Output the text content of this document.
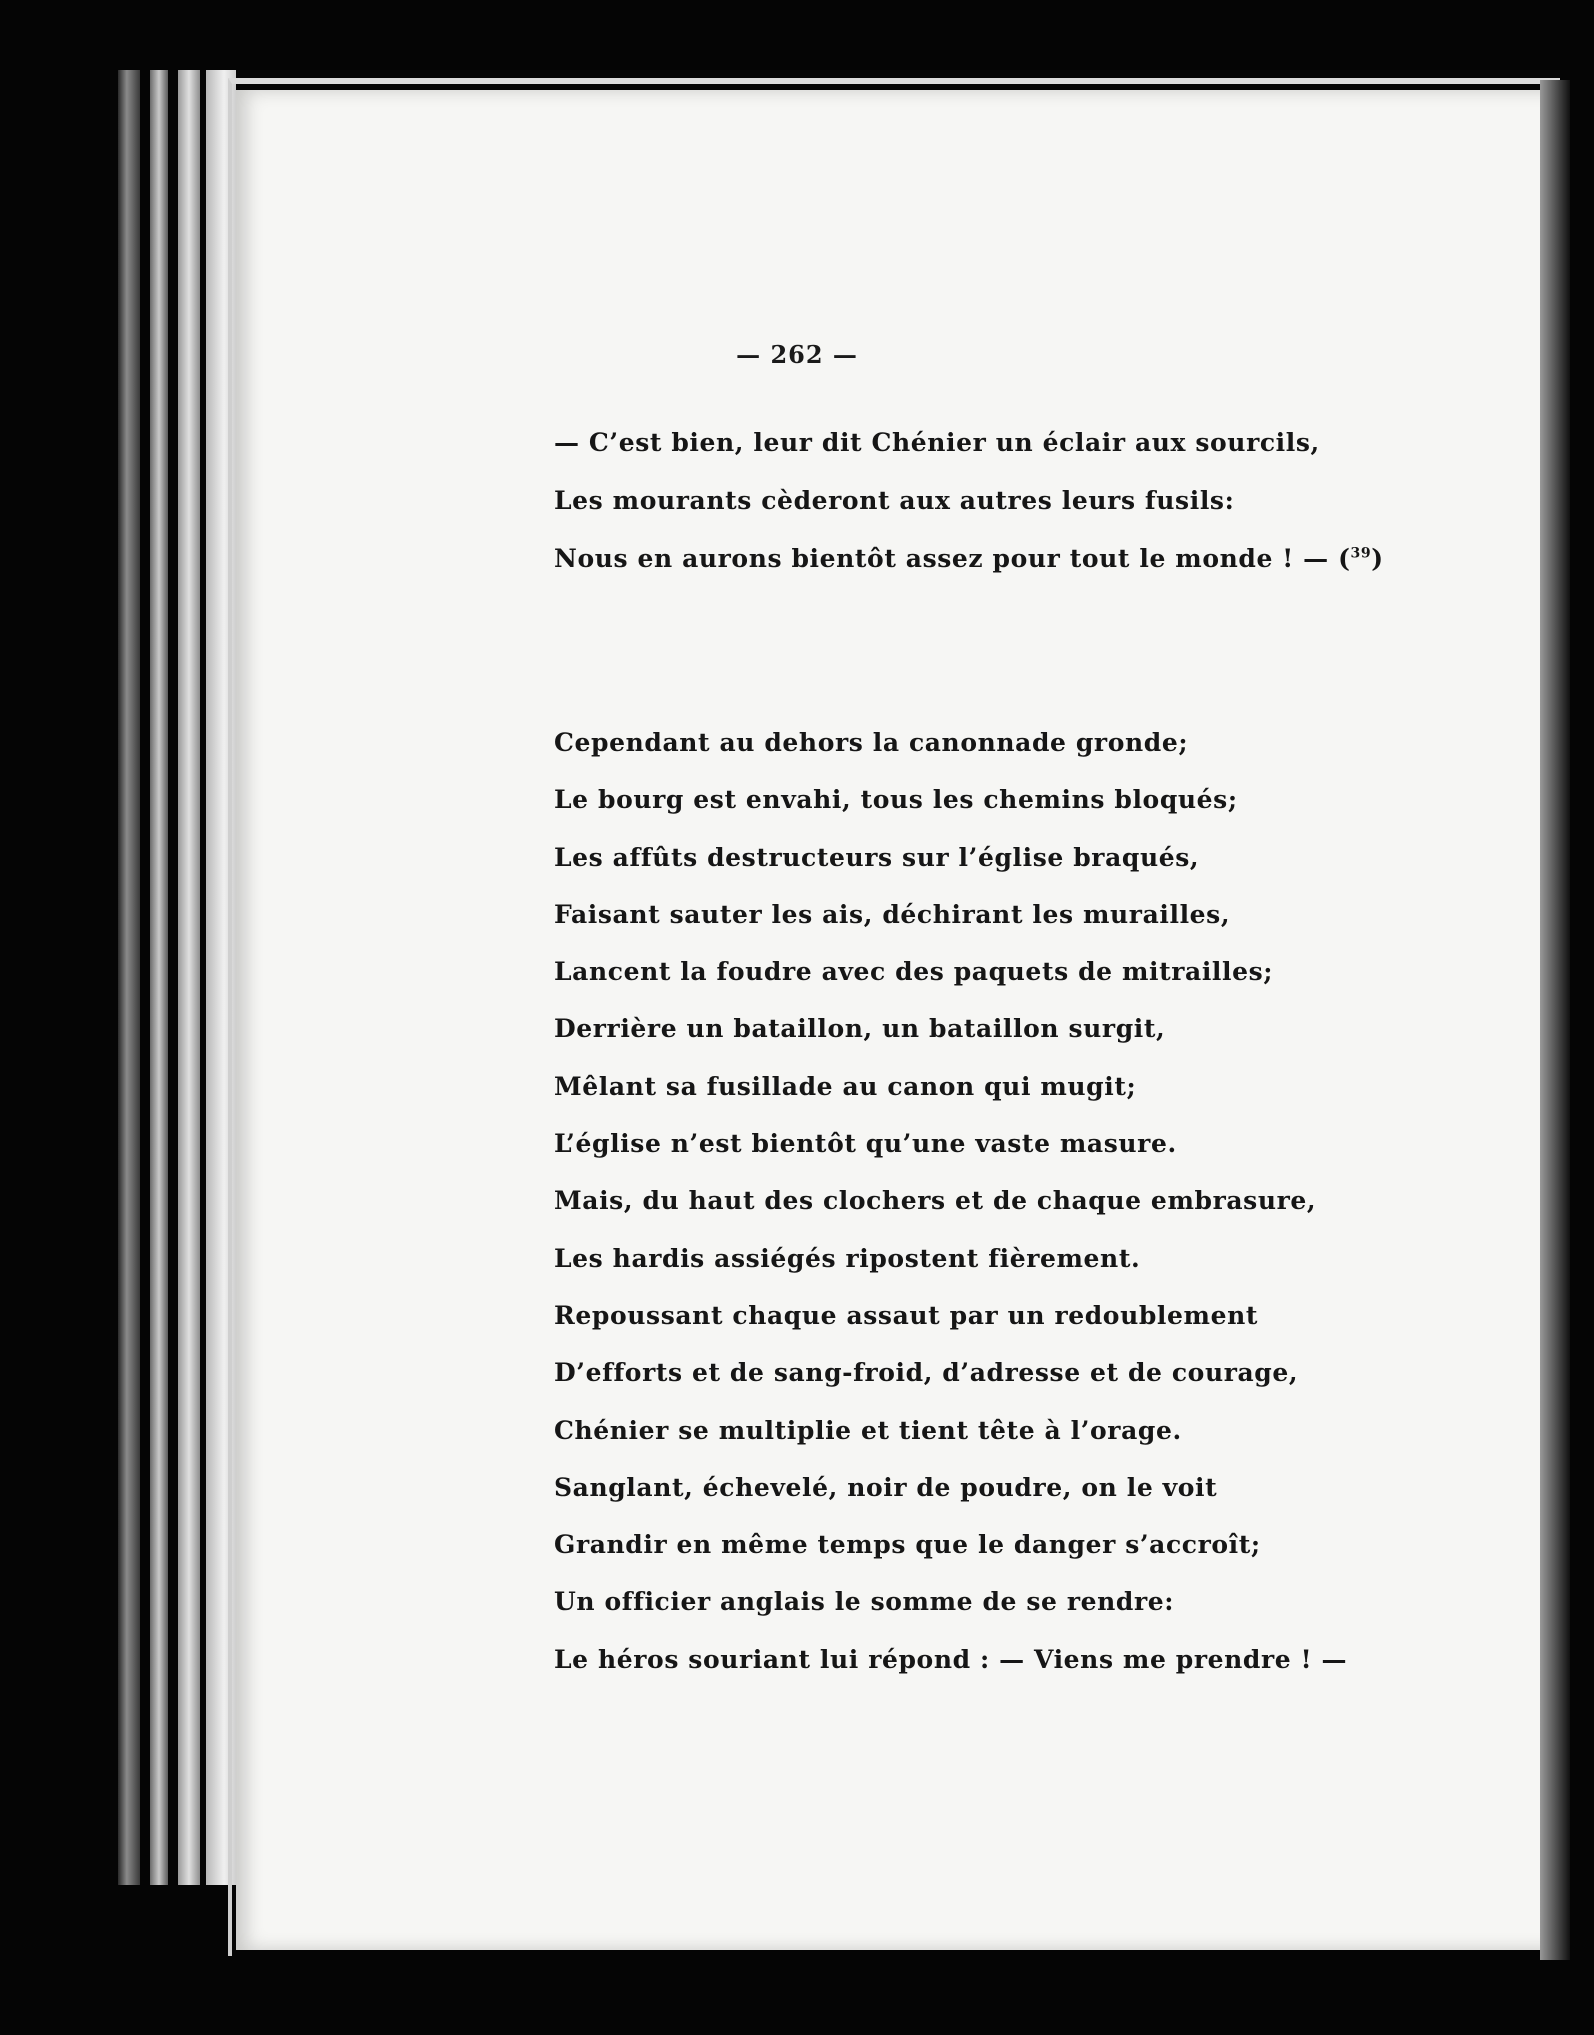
— 262 —
— C’est bien, leur dit Chénier un éclair aux sourcils,
Les mourants cèderont aux autres leurs fusils:
Nous en aurons bientôt assez pour tout le monde ! — ($^{39}$)
Cependant au dehors la canonnade gronde;
Le bourg est envahi, tous les chemins bloqués;
Les affûts destructeurs sur l’église braqués,
Faisant sauter les ais, déchirant les murailles,
Lancent la foudre avec des paquets de mitrailles;
Derrière un bataillon, un bataillon surgit,
Mêlant sa fusillade au canon qui mugit;
L’église n’est bientôt qu’une vaste masure.
Mais, du haut des clochers et de chaque embrasure,
Les hardis assiégés ripostent fièrement.
Repoussant chaque assaut par un redoublement
D’efforts et de sang-froid, d’adresse et de courage,
Chénier se multiplie et tient tête à l’orage.
Sanglant, échevelé, noir de poudre, on le voit
Grandir en même temps que le danger s’accroît;
Un officier anglais le somme de se rendre:
Le héros souriant lui répond : — Viens me prendre ! —
